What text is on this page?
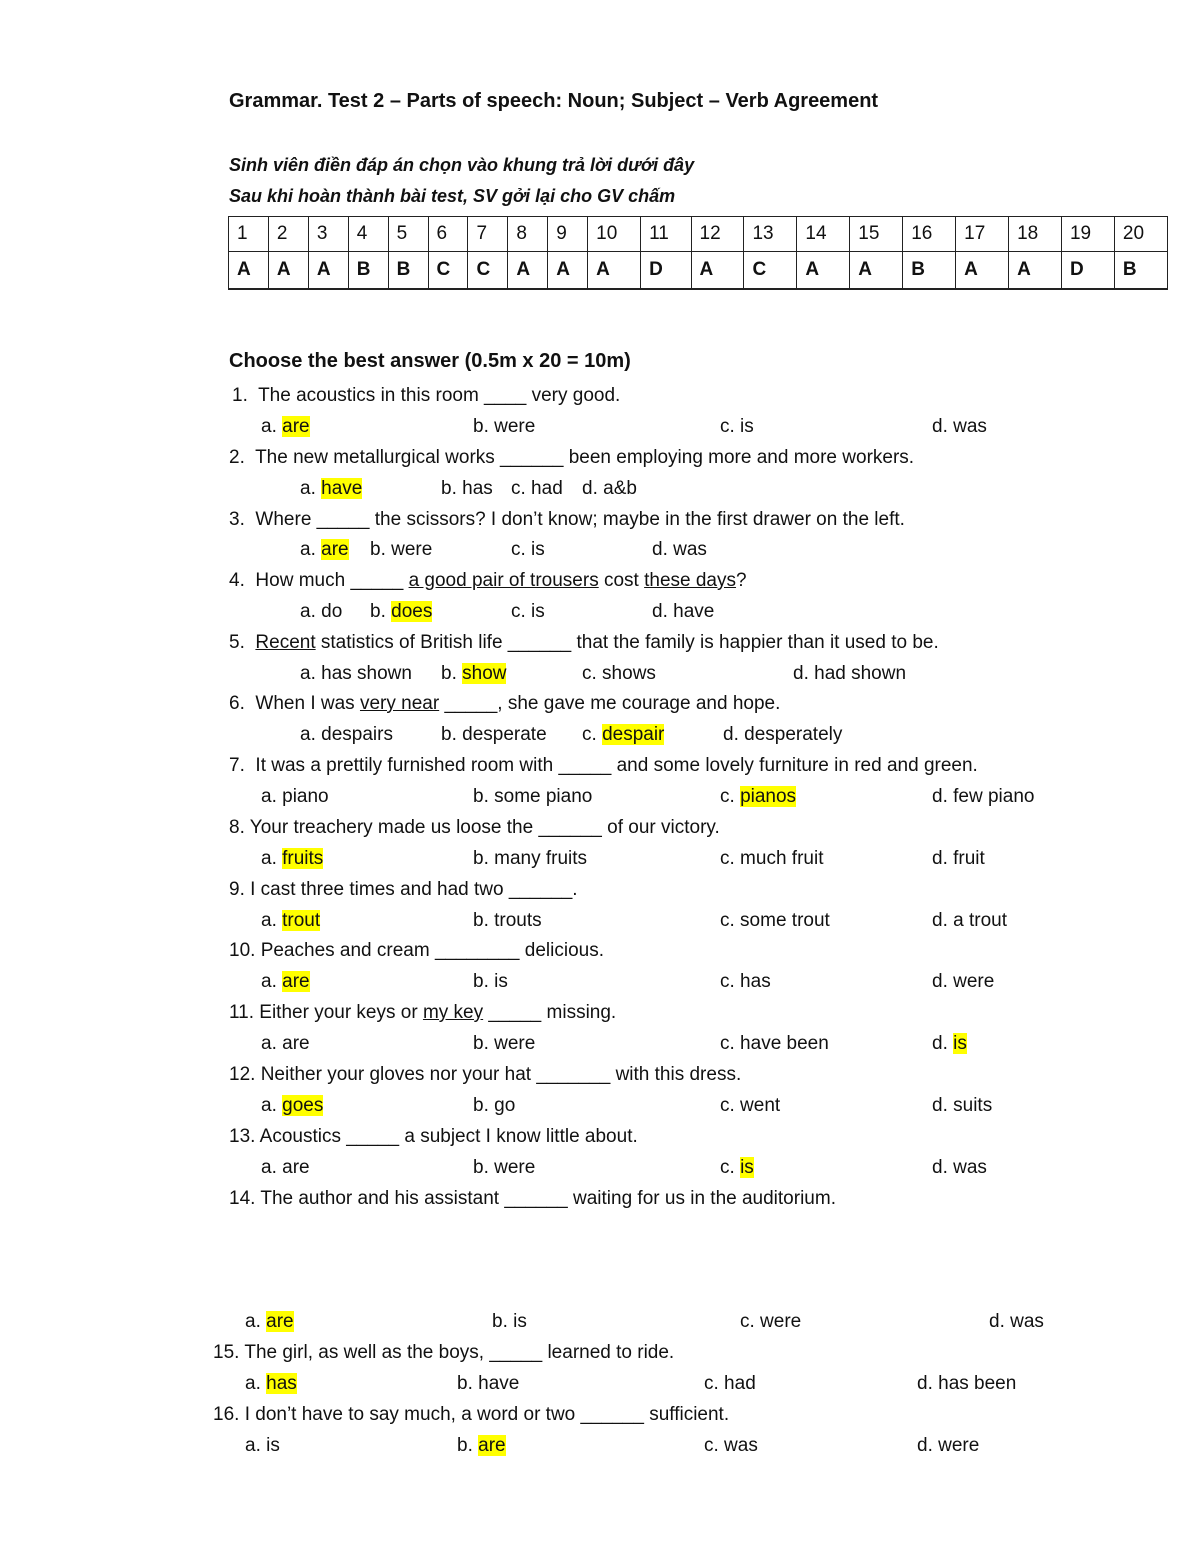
Grammar. Test 2 – Parts of speech: Noun; Subject – Verb Agreement
Sinh viên điền đáp án chọn vào khung trả lời dưới đây
Sau khi hoàn thành bài test, SV gởi lại cho GV chấm
1	2	3	4	5	6	7	8	9	10	11	12	13	14	15	16	17	18	19	20
A	A	A	B	B	C	C	A	A	A	D	A	C	A	A	B	A	A	D	B
Choose the best answer (0.5m x 20 = 10m)
1. The acoustics in this room ____ very good.
a. are	b. were	c. is	d. was
2. The new metallurgical works ______ been employing more and more workers.
a. have	b. has c. had d. a&b
3. Where _____ the scissors? I don’t know; maybe in the first drawer on the left.
a. are b. were	c. is	d. was
4. How much _____ a good pair of trousers cost these days?
a. do b. does	c. is	d. have
5. Recent statistics of British life ______ that the family is happier than it used to be.
a. has shown b. show	c. shows	d. had shown
6. When I was very near _____, she gave me courage and hope.
a. despairs	b. desperate c. despair	d. desperately
7. It was a prettily furnished room with _____ and some lovely furniture in red and green.
a. piano	b. some piano	c. pianos	d. few piano
8. Your treachery made us loose the ______ of our victory.
a. fruits	b. many fruits	c. much fruit	d. fruit
9. I cast three times and had two ______.
a. trout	b. trouts	c. some trout	d. a trout
10. Peaches and cream ________ delicious.
a. are	b. is	c. has	d. were
11. Either your keys or my key _____ missing.
a. are	b. were	c. have been	d. is
12. Neither your gloves nor your hat _______ with this dress.
a. goes	b. go	c. went	d. suits
13. Acoustics _____ a subject I know little about.
a. are	b. were	c. is	d. was
14. The author and his assistant ______ waiting for us in the auditorium.
a. are	b. is	c. were	d. was
15. The girl, as well as the boys, _____ learned to ride.
a. has	b. have	c. had	d. has been
16. I don’t have to say much, a word or two ______ sufficient.
a. is	b. are	c. was	d. were
